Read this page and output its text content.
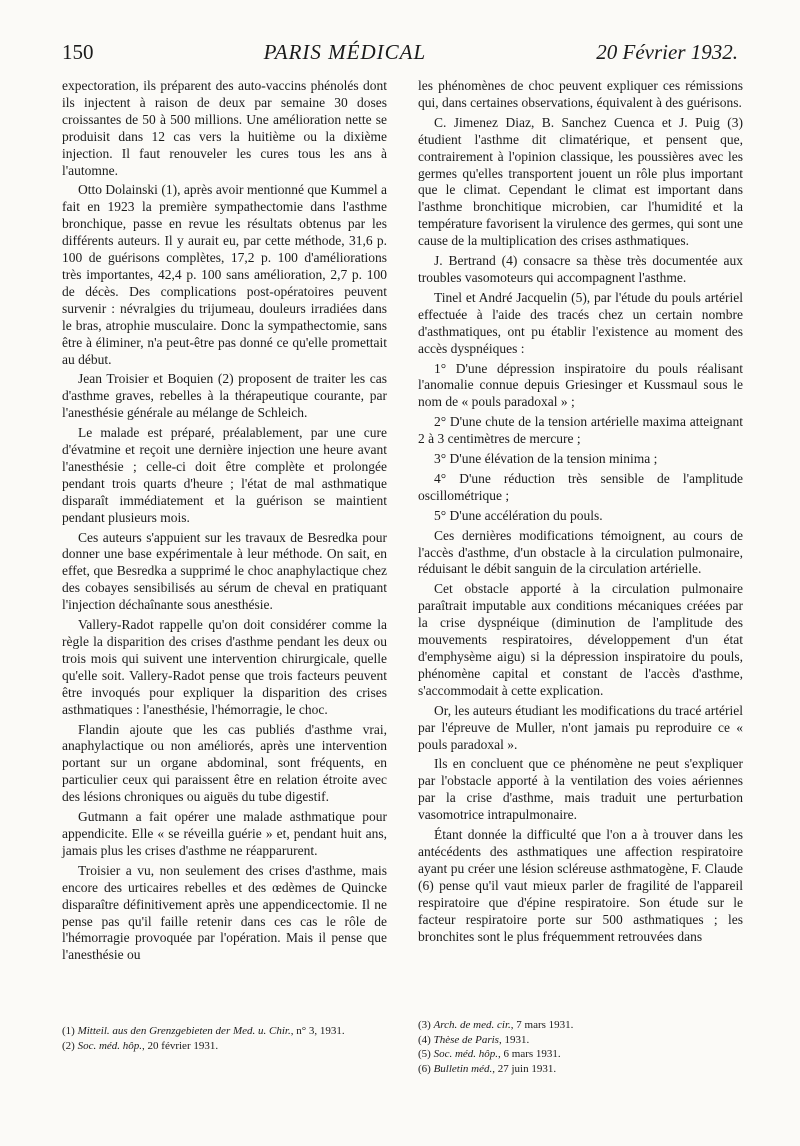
150	PARIS MÉDICAL	20 Février 1932.

expectoration, ils préparent des auto-vaccins phénolés dont ils injectent à raison de deux par semaine 30 doses croissantes de 50 à 500 millions. Une amélioration nette se produisit dans 12 cas vers la huitième ou la dixième injection. Il faut renouveler les cures tous les ans à l'automne.

Otto Dolainski (1), après avoir mentionné que Kummel a fait en 1923 la première sympathectomie dans l'asthme bronchique, passe en revue les résultats obtenus par les différents auteurs. Il y aurait eu, par cette méthode, 31,6 p. 100 de guérisons complètes, 17,2 p. 100 d'améliorations très importantes, 42,4 p. 100 sans amélioration, 2,7 p. 100 de décès. Des complications post-opératoires peuvent survenir : névralgies du trijumeau, douleurs irradiées dans le bras, atrophie musculaire. Donc la sympathectomie, sans être à éliminer, n'a peut-être pas donné ce qu'elle promettait au début.

Jean Troisier et Boquien (2) proposent de traiter les cas d'asthme graves, rebelles à la thérapeutique courante, par l'anesthésie générale au mélange de Schleich.

Le malade est préparé, préalablement, par une cure d'évatmine et reçoit une dernière injection une heure avant l'anesthésie ; celle-ci doit être complète et prolongée pendant trois quarts d'heure ; l'état de mal asthmatique disparaît immédiatement et la guérison se maintient pendant plusieurs mois.

Ces auteurs s'appuient sur les travaux de Besredka pour donner une base expérimentale à leur méthode. On sait, en effet, que Besredka a supprimé le choc anaphylactique chez des cobayes sensibilisés au sérum de cheval en pratiquant l'injection déchaînante sous anesthésie.

Vallery-Radot rappelle qu'on doit considérer comme la règle la disparition des crises d'asthme pendant les deux ou trois mois qui suivent une intervention chirurgicale, quelle qu'elle soit. Vallery-Radot pense que trois facteurs peuvent être invoqués pour expliquer la disparition des crises asthmatiques : l'anesthésie, l'hémorragie, le choc.

Flandin ajoute que les cas publiés d'asthme vrai, anaphylactique ou non améliorés, après une intervention portant sur un organe abdominal, sont fréquents, en particulier ceux qui paraissent être en relation étroite avec des lésions chroniques ou aiguës du tube digestif.

Gutmann a fait opérer une malade asthmatique pour appendicite. Elle « se réveilla guérie » et, pendant huit ans, jamais plus les crises d'asthme ne réapparurent.

Troisier a vu, non seulement des crises d'asthme, mais encore des urticaires rebelles et des œdèmes de Quincke disparaître définitivement après une appendicectomie. Il ne pense pas qu'il faille retenir dans ces cas le rôle de l'hémorragie provoquée par l'opération. Mais il pense que l'anesthésie ou

les phénomènes de choc peuvent expliquer ces rémissions qui, dans certaines observations, équivalent à des guérisons.

C. Jimenez Diaz, B. Sanchez Cuenca et J. Puig (3) étudient l'asthme dit climatérique, et pensent que, contrairement à l'opinion classique, les poussières avec les germes qu'elles transportent jouent un rôle plus important que le climat. Cependant le climat est important dans l'asthme bronchitique microbien, car l'humidité et la température favorisent la virulence des germes, qui sont une cause de la multiplication des crises asthmatiques.

J. Bertrand (4) consacre sa thèse très documentée aux troubles vasomoteurs qui accompagnent l'asthme.

Tinel et André Jacquelin (5), par l'étude du pouls artériel effectuée à l'aide des tracés chez un certain nombre d'asthmatiques, ont pu établir l'existence au moment des accès dyspnéiques :

1° D'une dépression inspiratoire du pouls réalisant l'anomalie connue depuis Griesinger et Kussmaul sous le nom de « pouls paradoxal » ;

2° D'une chute de la tension artérielle maxima atteignant 2 à 3 centimètres de mercure ;

3° D'une élévation de la tension minima ;

4° D'une réduction très sensible de l'amplitude oscillométrique ;

5° D'une accélération du pouls.

Ces dernières modifications témoignent, au cours de l'accès d'asthme, d'un obstacle à la circulation pulmonaire, réduisant le débit sanguin de la circulation artérielle.

Cet obstacle apporté à la circulation pulmonaire paraîtrait imputable aux conditions mécaniques créées par la crise dyspnéique (diminution de l'amplitude des mouvements respiratoires, développement d'un état d'emphysème aigu) si la dépression inspiratoire du pouls, phénomène capital et constant de l'accès d'asthme, s'accommodait à cette explication.

Or, les auteurs étudiant les modifications du tracé artériel par l'épreuve de Muller, n'ont jamais pu reproduire ce « pouls paradoxal ».

Ils en concluent que ce phénomène ne peut s'expliquer par l'obstacle apporté à la ventilation des voies aériennes par la crise d'asthme, mais traduit une perturbation vasomotrice intrapulmonaire.

Étant donnée la difficulté que l'on a à trouver dans les antécédents des asthmatiques une affection respiratoire ayant pu créer une lésion scléreuse asthmatogène, F. Claude (6) pense qu'il vaut mieux parler de fragilité de l'appareil respiratoire que d'épine respiratoire. Son étude sur le facteur respiratoire porte sur 500 asthmatiques ; les bronchites sont le plus fréquemment retrouvées dans

(1) Mitteil. aus den Grenzgebieten der Med. u. Chir., n° 3, 1931.
(2) Soc. méd. hôp., 20 février 1931.
(3) Arch. de med. cir., 7 mars 1931.
(4) Thèse de Paris, 1931.
(5) Soc. méd. hôp., 6 mars 1931.
(6) Bulletin méd., 27 juin 1931.
